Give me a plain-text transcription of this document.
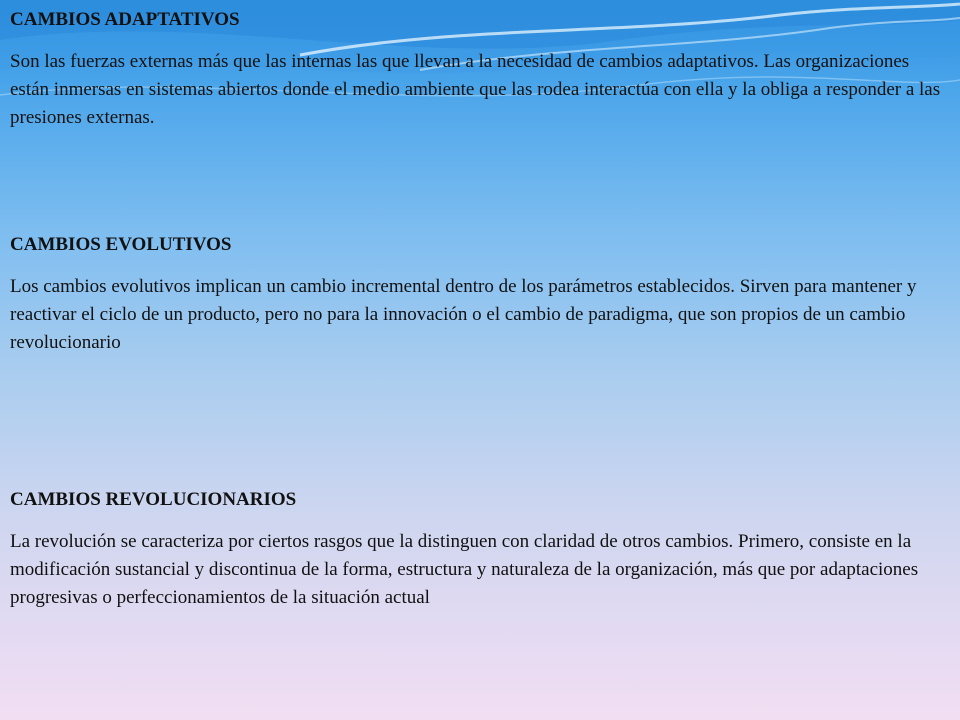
CAMBIOS ADAPTATIVOS

Son las fuerzas externas más que las internas las que llevan a la necesidad de cambios adaptativos. Las organizaciones están inmersas en sistemas abiertos donde el medio ambiente que las rodea interactúa con ella y la obliga a responder a las presiones externas.

CAMBIOS EVOLUTIVOS

Los cambios evolutivos implican un cambio incremental dentro de los parámetros establecidos. Sirven para mantener y reactivar el ciclo de un producto, pero no para la innovación o el cambio de paradigma, que son propios de un cambio revolucionario

CAMBIOS REVOLUCIONARIOS

La revolución se caracteriza por ciertos rasgos que la distinguen con claridad de otros cambios. Primero, consiste en la modificación sustancial y discontinua de la forma, estructura y naturaleza de la organización, más que por adaptaciones progresivas o perfeccionamientos de la situación actual
